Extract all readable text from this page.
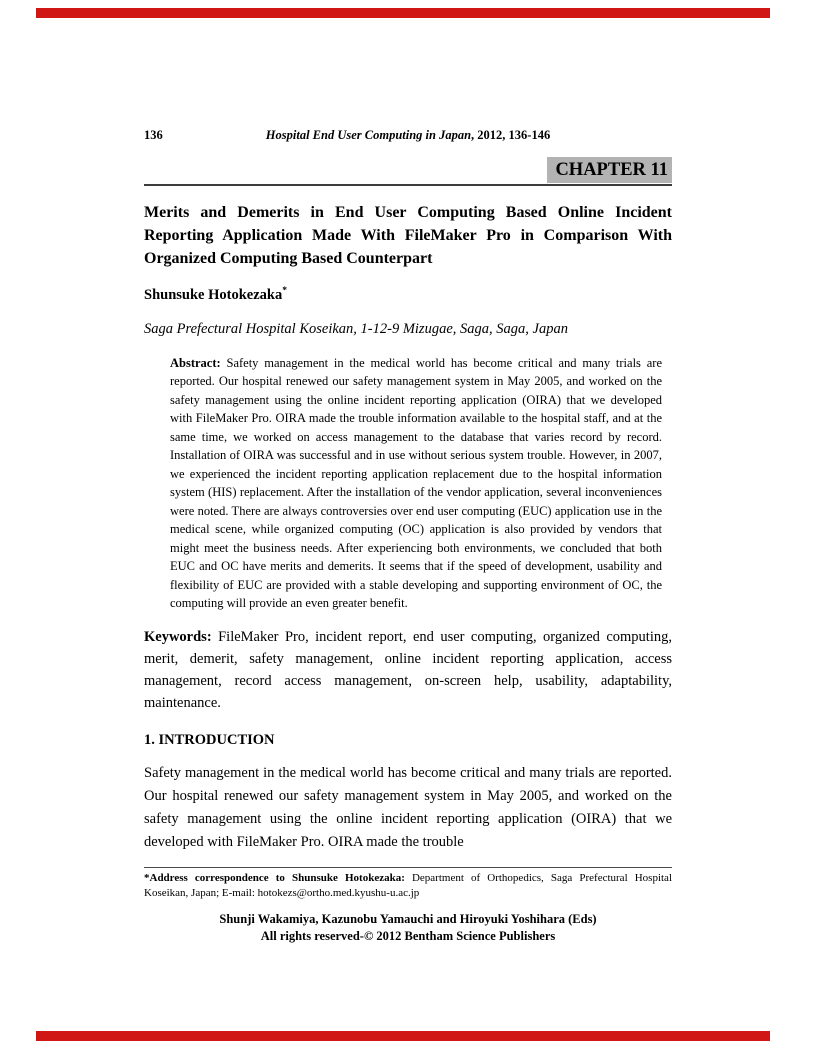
136	Hospital End User Computing in Japan, 2012, 136-146
CHAPTER 11
Merits and Demerits in End User Computing Based Online Incident Reporting Application Made With FileMaker Pro in Comparison With Organized Computing Based Counterpart
Shunsuke Hotokezaka*
Saga Prefectural Hospital Koseikan, 1-12-9 Mizugae, Saga, Saga, Japan
Abstract: Safety management in the medical world has become critical and many trials are reported. Our hospital renewed our safety management system in May 2005, and worked on the safety management using the online incident reporting application (OIRA) that we developed with FileMaker Pro. OIRA made the trouble information available to the hospital staff, and at the same time, we worked on access management to the database that varies record by record. Installation of OIRA was successful and in use without serious system trouble. However, in 2007, we experienced the incident reporting application replacement due to the hospital information system (HIS) replacement. After the installation of the vendor application, several inconveniences were noted. There are always controversies over end user computing (EUC) application use in the medical scene, while organized computing (OC) application is also provided by vendors that might meet the business needs. After experiencing both environments, we concluded that both EUC and OC have merits and demerits. It seems that if the speed of development, usability and flexibility of EUC are provided with a stable developing and supporting environment of OC, the computing will provide an even greater benefit.
Keywords: FileMaker Pro, incident report, end user computing, organized computing, merit, demerit, safety management, online incident reporting application, access management, record access management, on-screen help, usability, adaptability, maintenance.
1. INTRODUCTION

Safety management in the medical world has become critical and many trials are reported. Our hospital renewed our safety management system in May 2005, and worked on the safety management using the online incident reporting application (OIRA) that we developed with FileMaker Pro. OIRA made the trouble

*Address correspondence to Shunsuke Hotokezaka: Department of Orthopedics, Saga Prefectural Hospital Koseikan, Japan; E-mail: hotokezs@ortho.med.kyushu-u.ac.jp
Shunji Wakamiya, Kazunobu Yamauchi and Hiroyuki Yoshihara (Eds)
All rights reserved-© 2012 Bentham Science Publishers
